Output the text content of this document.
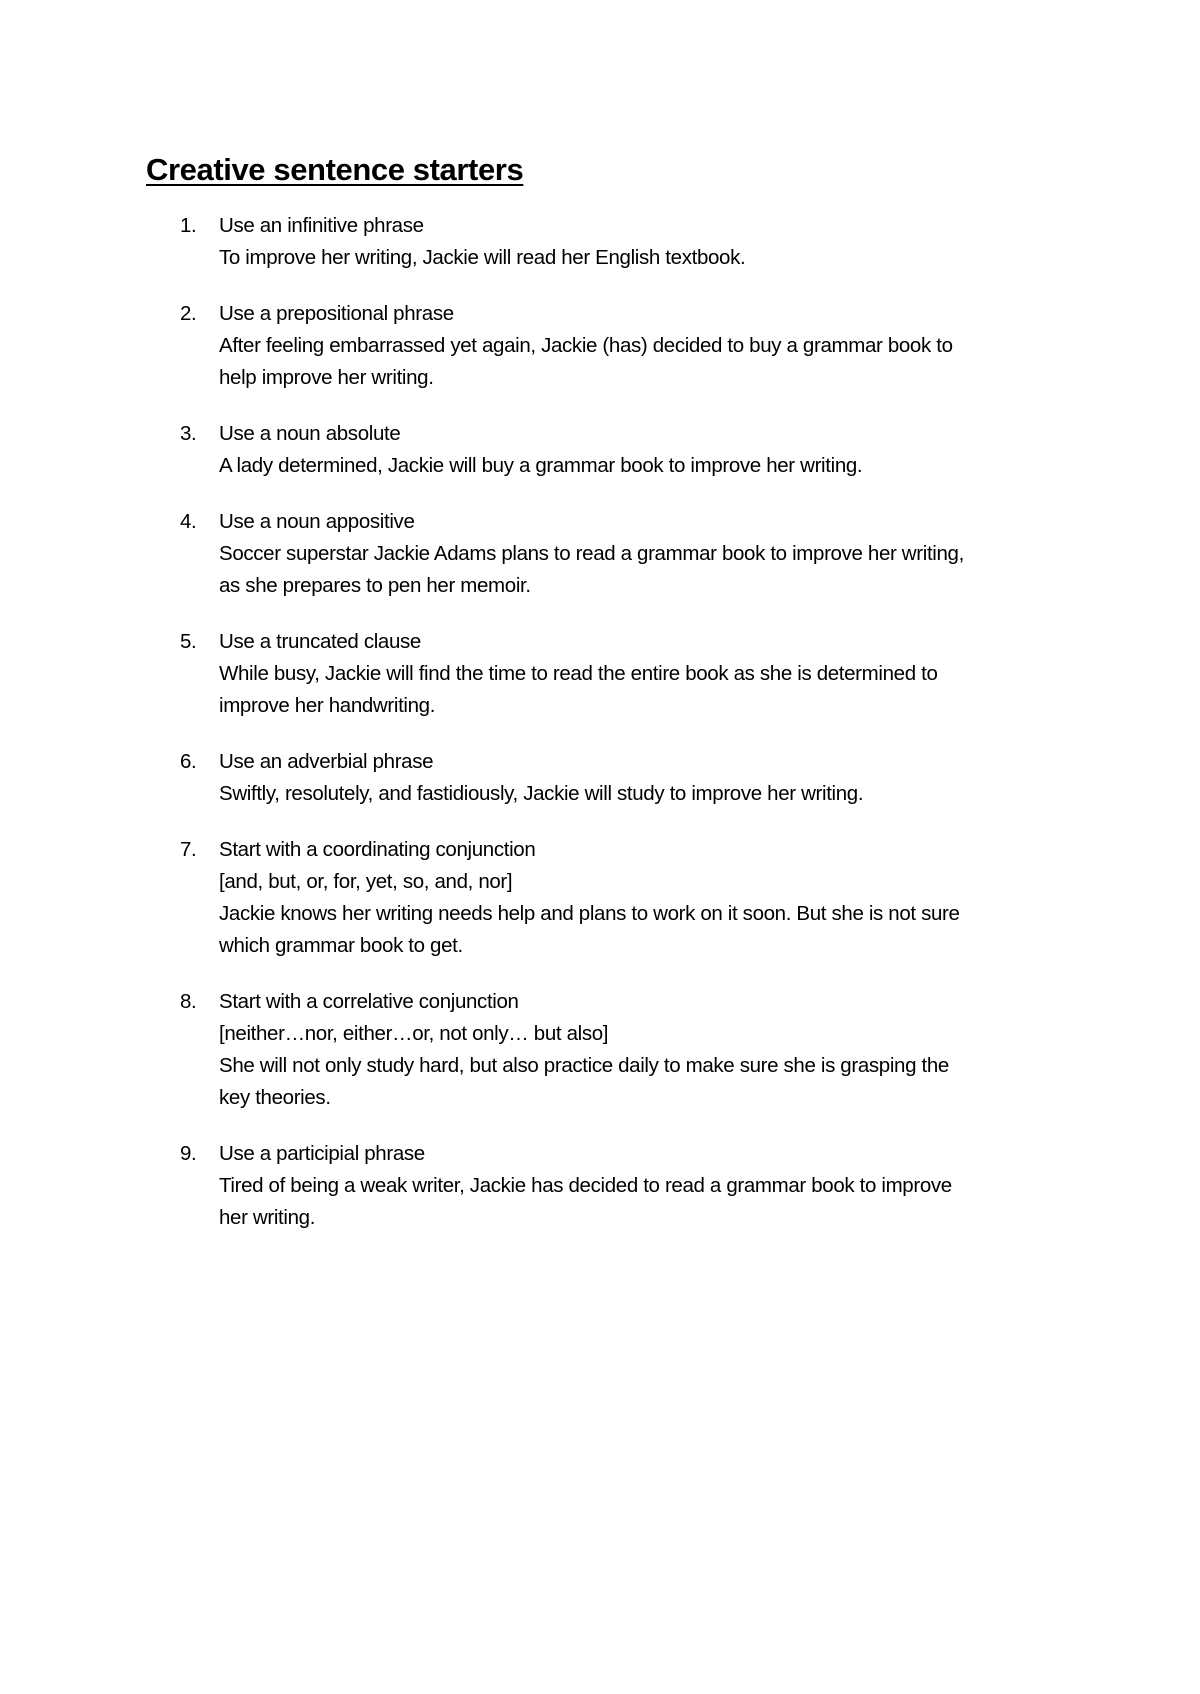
Creative sentence starters
1. Use an infinitive phrase
To improve her writing, Jackie will read her English textbook.
2. Use a prepositional phrase
After feeling embarrassed yet again, Jackie (has) decided to buy a grammar book to
help improve her writing.
3. Use a noun absolute
A lady determined, Jackie will buy a grammar book to improve her writing.
4. Use a noun appositive
Soccer superstar Jackie Adams plans to read a grammar book to improve her writing,
as she prepares to pen her memoir.
5. Use a truncated clause
While busy, Jackie will find the time to read the entire book as she is determined to
improve her handwriting.
6. Use an adverbial phrase
Swiftly, resolutely, and fastidiously, Jackie will study to improve her writing.
7. Start with a coordinating conjunction
[and, but, or, for, yet, so, and, nor]
Jackie knows her writing needs help and plans to work on it soon. But she is not sure
which grammar book to get.
8. Start with a correlative conjunction
[neither…nor, either…or, not only… but also]
She will not only study hard, but also practice daily to make sure she is grasping the
key theories.
9. Use a participial phrase
Tired of being a weak writer, Jackie has decided to read a grammar book to improve
her writing.
